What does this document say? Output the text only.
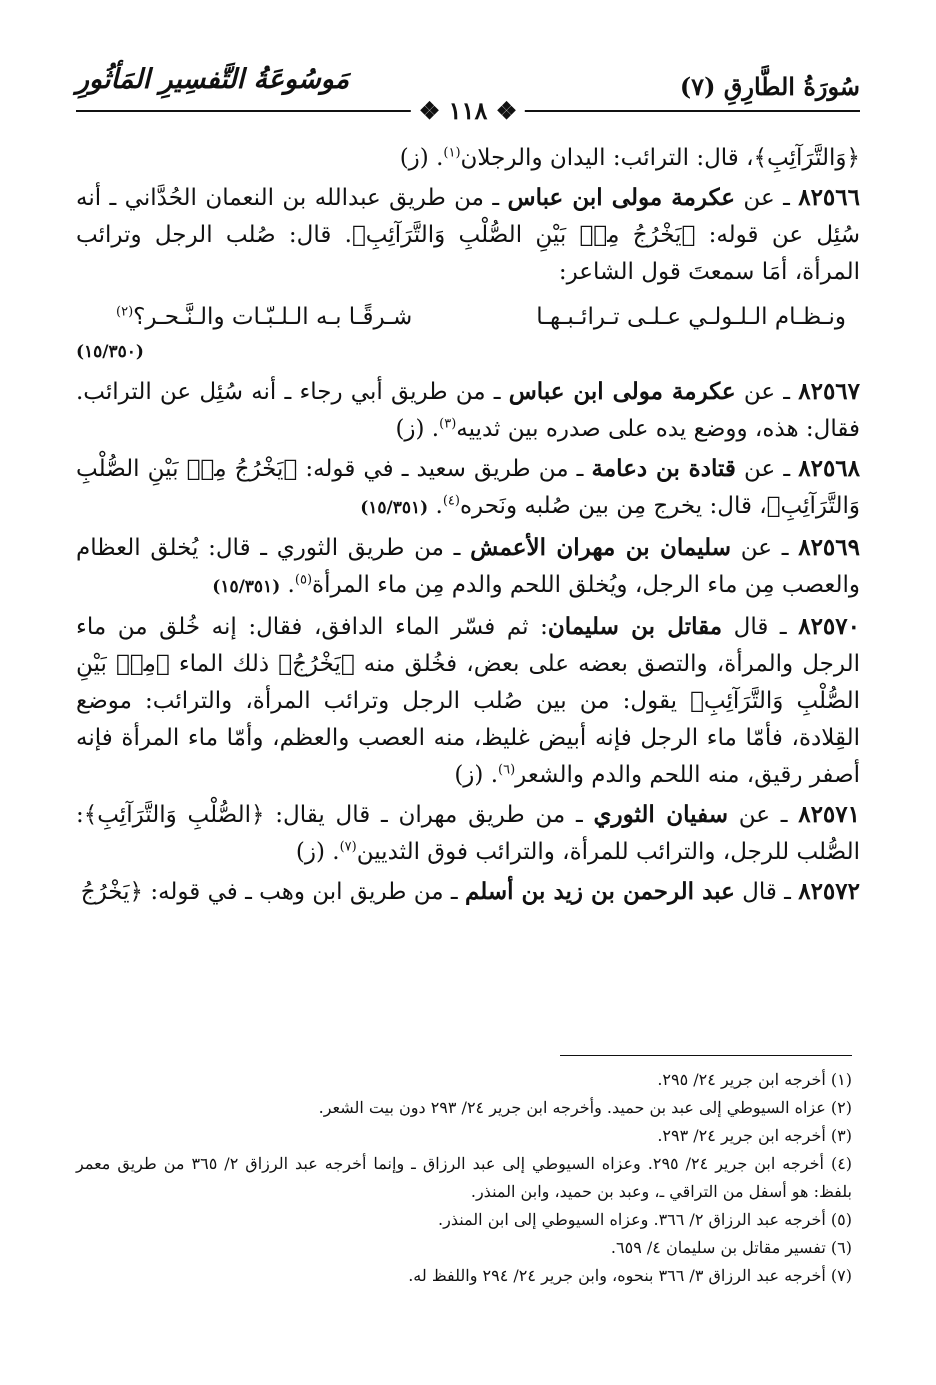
سُورَةُ الطَّارِقِ (٧)
مَوسُوعَةُ التَّفسِيرِ المَأثُورِ
❖ ١١٨ ❖

﴿وَالتَّرَآئِبِ﴾، قال: الترائب: اليدان والرجلان$^{(١)}$. (ز)

٨٢٥٦٦ ـ عن عكرمة مولى ابن عباس ـ من طريق عبدالله بن النعمان الحُدَّاني ـ أنه سُئِل عن قوله: ﴿يَخْرُجُ مِنۢ بَيْنِ الصُّلْبِ وَالتَّرَآئِبِ﴾. قال: صُلب الرجل وترائب المرأة، أمَا سمعتَ قول الشاعر:

ونـظـام الـلـولـي عـلـى تـرائـبـهـا
شـرقًـا بـه الـلـبّـات والـنَّـحـر؟$^{(٢)}$
(١٥/٣٥٠)

٨٢٥٦٧ ـ عن عكرمة مولى ابن عباس ـ من طريق أبي رجاء ـ أنه سُئِل عن الترائب. فقال: هذه، ووضع يده على صدره بين ثدييه$^{(٣)}$. (ز)

٨٢٥٦٨ ـ عن قتادة بن دعامة ـ من طريق سعيد ـ في قوله: ﴿يَخْرُجُ مِنۢ بَيْنِ الصُّلْبِ وَالتَّرَآئِبِ﴾، قال: يخرج مِن بين صُلبه ونَحره$^{(٤)}$. (١٥/٣٥١)

٨٢٥٦٩ ـ عن سليمان بن مهران الأعمش ـ من طريق الثوري ـ قال: يُخلق العظام والعصب مِن ماء الرجل، ويُخلق اللحم والدم مِن ماء المرأة$^{(٥)}$. (١٥/٣٥١)

٨٢٥٧٠ ـ قال مقاتل بن سليمان: ثم فسّر الماء الدافق، فقال: إنه خُلق من ماء الرجل والمرأة، والتصق بعضه على بعض، فخُلق منه ﴿يَخْرُجُ﴾ ذلك الماء ﴿مِنۢ بَيْنِ الصُّلْبِ وَالتَّرَآئِبِ﴾ يقول: من بين صُلب الرجل وترائب المرأة، والترائب: موضع القِلادة، فأمّا ماء الرجل فإنه أبيض غليظ، منه العصب والعظم، وأمّا ماء المرأة فإنه أصفر رقيق، منه اللحم والدم والشعر$^{(٦)}$. (ز)

٨٢٥٧١ ـ عن سفيان الثوري ـ من طريق مهران ـ قال يقال: ﴿الصُّلْبِ وَالتَّرَآئِبِ﴾: الصُّلب للرجل، والترائب للمرأة، والترائب فوق الثديين$^{(٧)}$. (ز)

٨٢٥٧٢ ـ قال عبد الرحمن بن زيد بن أسلم ـ من طريق ابن وهب ـ في قوله: ﴿يَخْرُجُ

(١) أخرجه ابن جرير ٢٤/ ٢٩٥.

(٢) عزاه السيوطي إلى عبد بن حميد. وأخرجه ابن جرير ٢٤/ ٢٩٣ دون بيت الشعر.

(٣) أخرجه ابن جرير ٢٤/ ٢٩٣.

(٤) أخرجه ابن جرير ٢٤/ ٢٩٥. وعزاه السيوطي إلى عبد الرزاق ـ وإنما أخرجه عبد الرزاق ٢/ ٣٦٥ من طريق معمر بلفظ: هو أسفل من التراقي ـ، وعبد بن حميد، وابن المنذر.

(٥) أخرجه عبد الرزاق ٢/ ٣٦٦. وعزاه السيوطي إلى ابن المنذر.

(٦) تفسير مقاتل بن سليمان ٤/ ٦٥٩.

(٧) أخرجه عبد الرزاق ٣/ ٣٦٦ بنحوه، وابن جرير ٢٤/ ٢٩٤ واللفظ له.
